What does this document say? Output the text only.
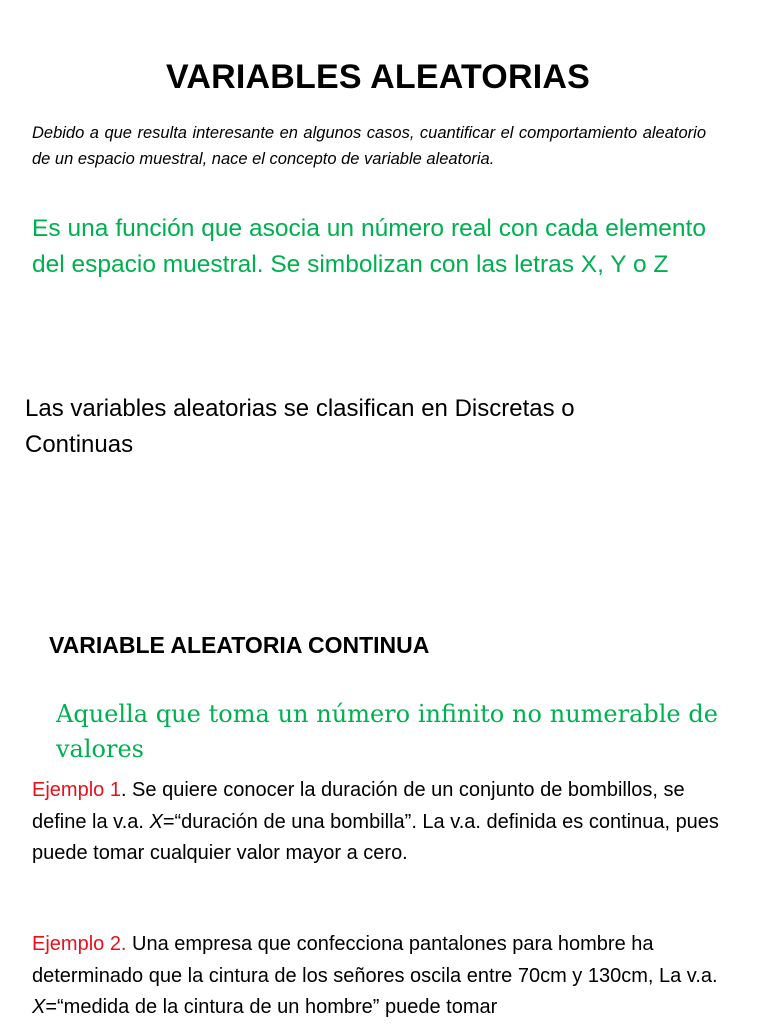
VARIABLES ALEATORIAS
Debido a que resulta interesante en algunos casos, cuantificar el comportamiento aleatorio de un espacio muestral, nace el concepto de variable aleatoria.
Es una función que asocia un número real con cada elemento del espacio muestral. Se simbolizan con las letras X, Y o Z
Las variables aleatorias se clasifican en Discretas o Continuas
VARIABLE ALEATORIA CONTINUA
Aquella que toma un número infinito no numerable de valores
Ejemplo 1. Se quiere conocer la duración de un conjunto de bombillos, se define la v.a. X=“duración de una bombilla”. La v.a. definida es continua, pues puede tomar cualquier valor mayor a cero.
Ejemplo 2. Una empresa que confecciona pantalones para hombre ha determinado que la cintura de los señores oscila entre 70cm y 130cm, La v.a. X=“medida de la cintura de un hombre” puede tomar
